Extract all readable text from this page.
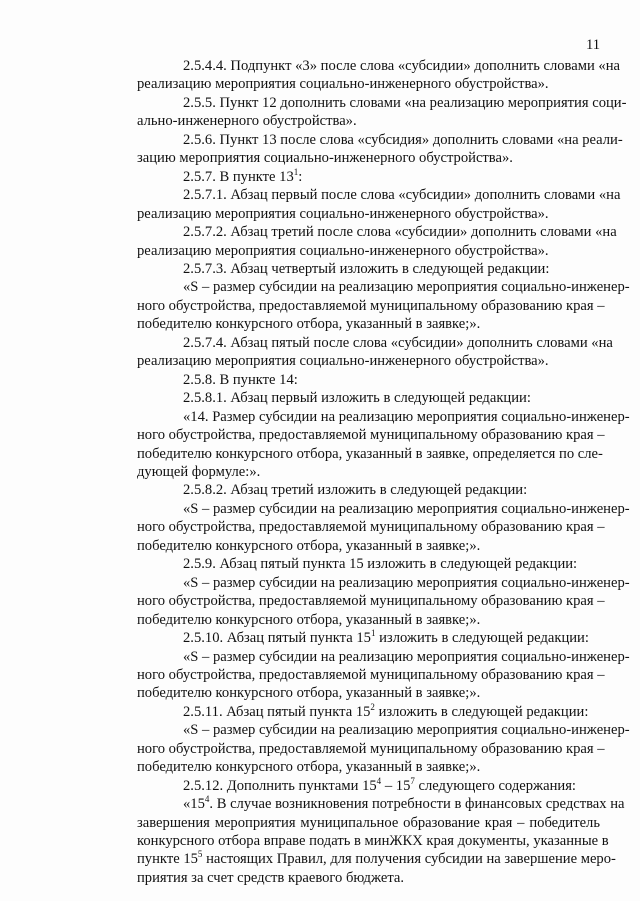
11
2.5.4.4. Подпункт «3» после слова «субсидии» дополнить словами «на
реализацию мероприятия социально-инженерного обустройства».
2.5.5. Пункт 12 дополнить словами «на реализацию мероприятия соци-
ально-инженерного обустройства».
2.5.6. Пункт 13 после слова «субсидия» дополнить словами «на реали-
зацию мероприятия социально-инженерного обустройства».
2.5.7. В пункте $13^1$:
2.5.7.1. Абзац первый после слова «субсидии» дополнить словами «на
реализацию мероприятия социально-инженерного обустройства».
2.5.7.2. Абзац третий после слова «субсидии» дополнить словами «на
реализацию мероприятия социально-инженерного обустройства».
2.5.7.3. Абзац четвертый изложить в следующей редакции:
«S – размер субсидии на реализацию мероприятия социально-инженер-
ного обустройства, предоставляемой муниципальному образованию края –
победителю конкурсного отбора, указанный в заявке;».
2.5.7.4. Абзац пятый после слова «субсидии» дополнить словами «на
реализацию мероприятия социально-инженерного обустройства».
2.5.8. В пункте 14:
2.5.8.1. Абзац первый изложить в следующей редакции:
«14. Размер субсидии на реализацию мероприятия социально-инженер-
ного обустройства, предоставляемой муниципальному образованию края –
победителю конкурсного отбора, указанный в заявке, определяется по сле-
дующей формуле:».
2.5.8.2. Абзац третий изложить в следующей редакции:
«S – размер субсидии на реализацию мероприятия социально-инженер-
ного обустройства, предоставляемой муниципальному образованию края –
победителю конкурсного отбора, указанный в заявке;».
2.5.9. Абзац пятый пункта 15 изложить в следующей редакции:
«S – размер субсидии на реализацию мероприятия социально-инженер-
ного обустройства, предоставляемой муниципальному образованию края –
победителю конкурсного отбора, указанный в заявке;».
2.5.10. Абзац пятый пункта $15^1$ изложить в следующей редакции:
«S – размер субсидии на реализацию мероприятия социально-инженер-
ного обустройства, предоставляемой муниципальному образованию края –
победителю конкурсного отбора, указанный в заявке;».
2.5.11. Абзац пятый пункта $15^2$ изложить в следующей редакции:
«S – размер субсидии на реализацию мероприятия социально-инженер-
ного обустройства, предоставляемой муниципальному образованию края –
победителю конкурсного отбора, указанный в заявке;».
2.5.12. Дополнить пунктами $15^4 - 15^7$ следующего содержания:
«$15^4$. В случае возникновения потребности в финансовых средствах на
завершения мероприятия муниципальное образование края – победитель
конкурсного отбора вправе подать в минЖКХ края документы, указанные в
пункте $15^5$ настоящих Правил, для получения субсидии на завершение меро-
приятия за счет средств краевого бюджета.
